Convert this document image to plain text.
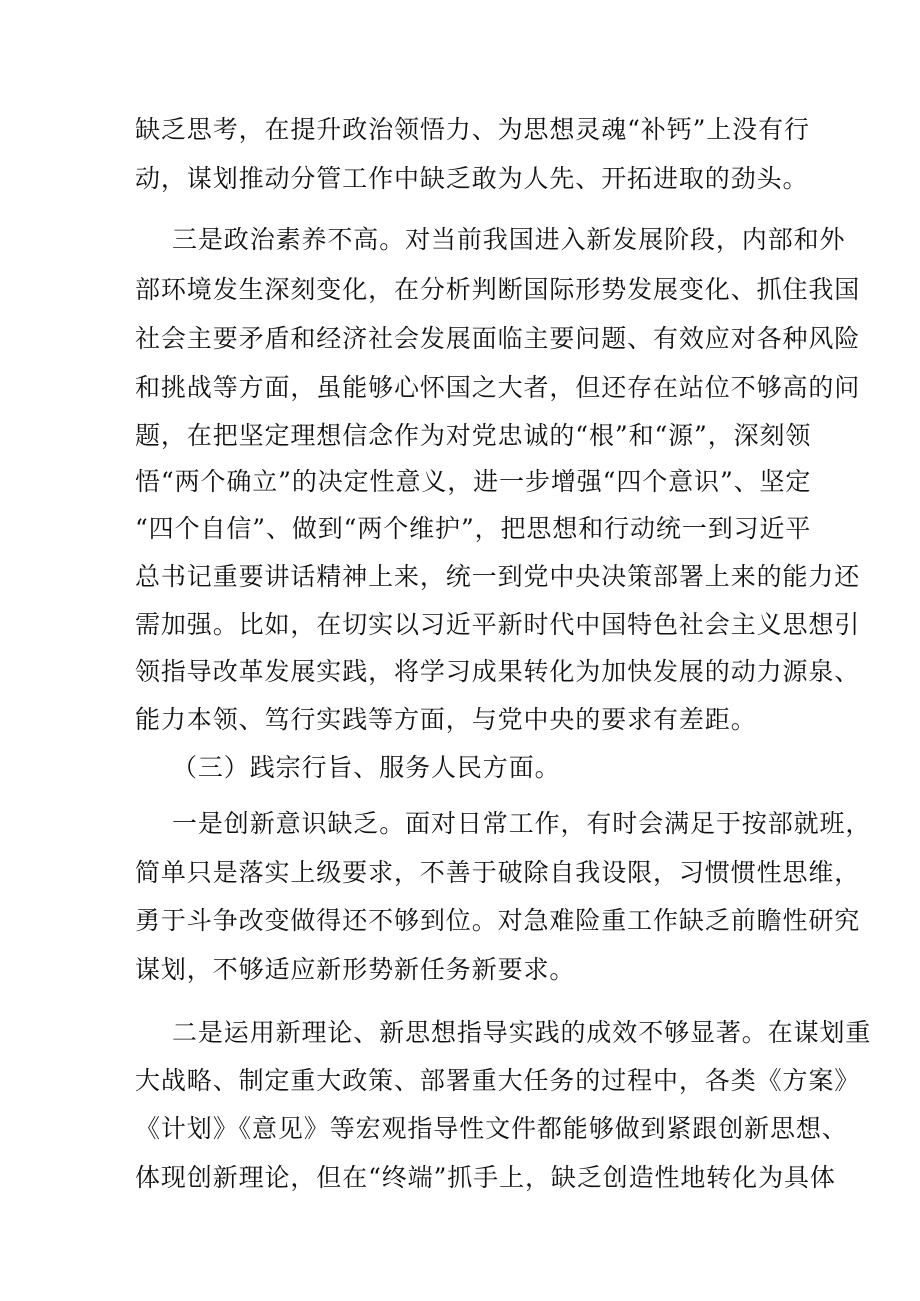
缺乏思考，在提升政治领悟力、为思想灵魂“补钙”上没有行
动，谋划推动分管工作中缺乏敢为人先、开拓进取的劲头。
三是政治素养不高。对当前我国进入新发展阶段，内部和外
部环境发生深刻变化，在分析判断国际形势发展变化、抓住我国
社会主要矛盾和经济社会发展面临主要问题、有效应对各种风险
和挑战等方面，虽能够心怀国之大者，但还存在站位不够高的问
题，在把坚定理想信念作为对党忠诚的“根”和“源”，深刻领
悟“两个确立”的决定性意义，进一步增强“四个意识”、坚定
“四个自信”、做到“两个维护”，把思想和行动统一到习近平
总书记重要讲话精神上来，统一到党中央决策部署上来的能力还
需加强。比如，在切实以习近平新时代中国特色社会主义思想引
领指导改革发展实践，将学习成果转化为加快发展的动力源泉、
能力本领、笃行实践等方面，与党中央的要求有差距。
（三）践宗行旨、服务人民方面。
一是创新意识缺乏。面对日常工作，有时会满足于按部就班，
简单只是落实上级要求，不善于破除自我设限，习惯惯性思维，
勇于斗争改变做得还不够到位。对急难险重工作缺乏前瞻性研究
谋划，不够适应新形势新任务新要求。
二是运用新理论、新思想指导实践的成效不够显著。在谋划重
大战略、制定重大政策、部署重大任务的过程中，各类《方案》
《计划》《意见》等宏观指导性文件都能够做到紧跟创新思想、
体现创新理论，但在“终端”抓手上，缺乏创造性地转化为具体
